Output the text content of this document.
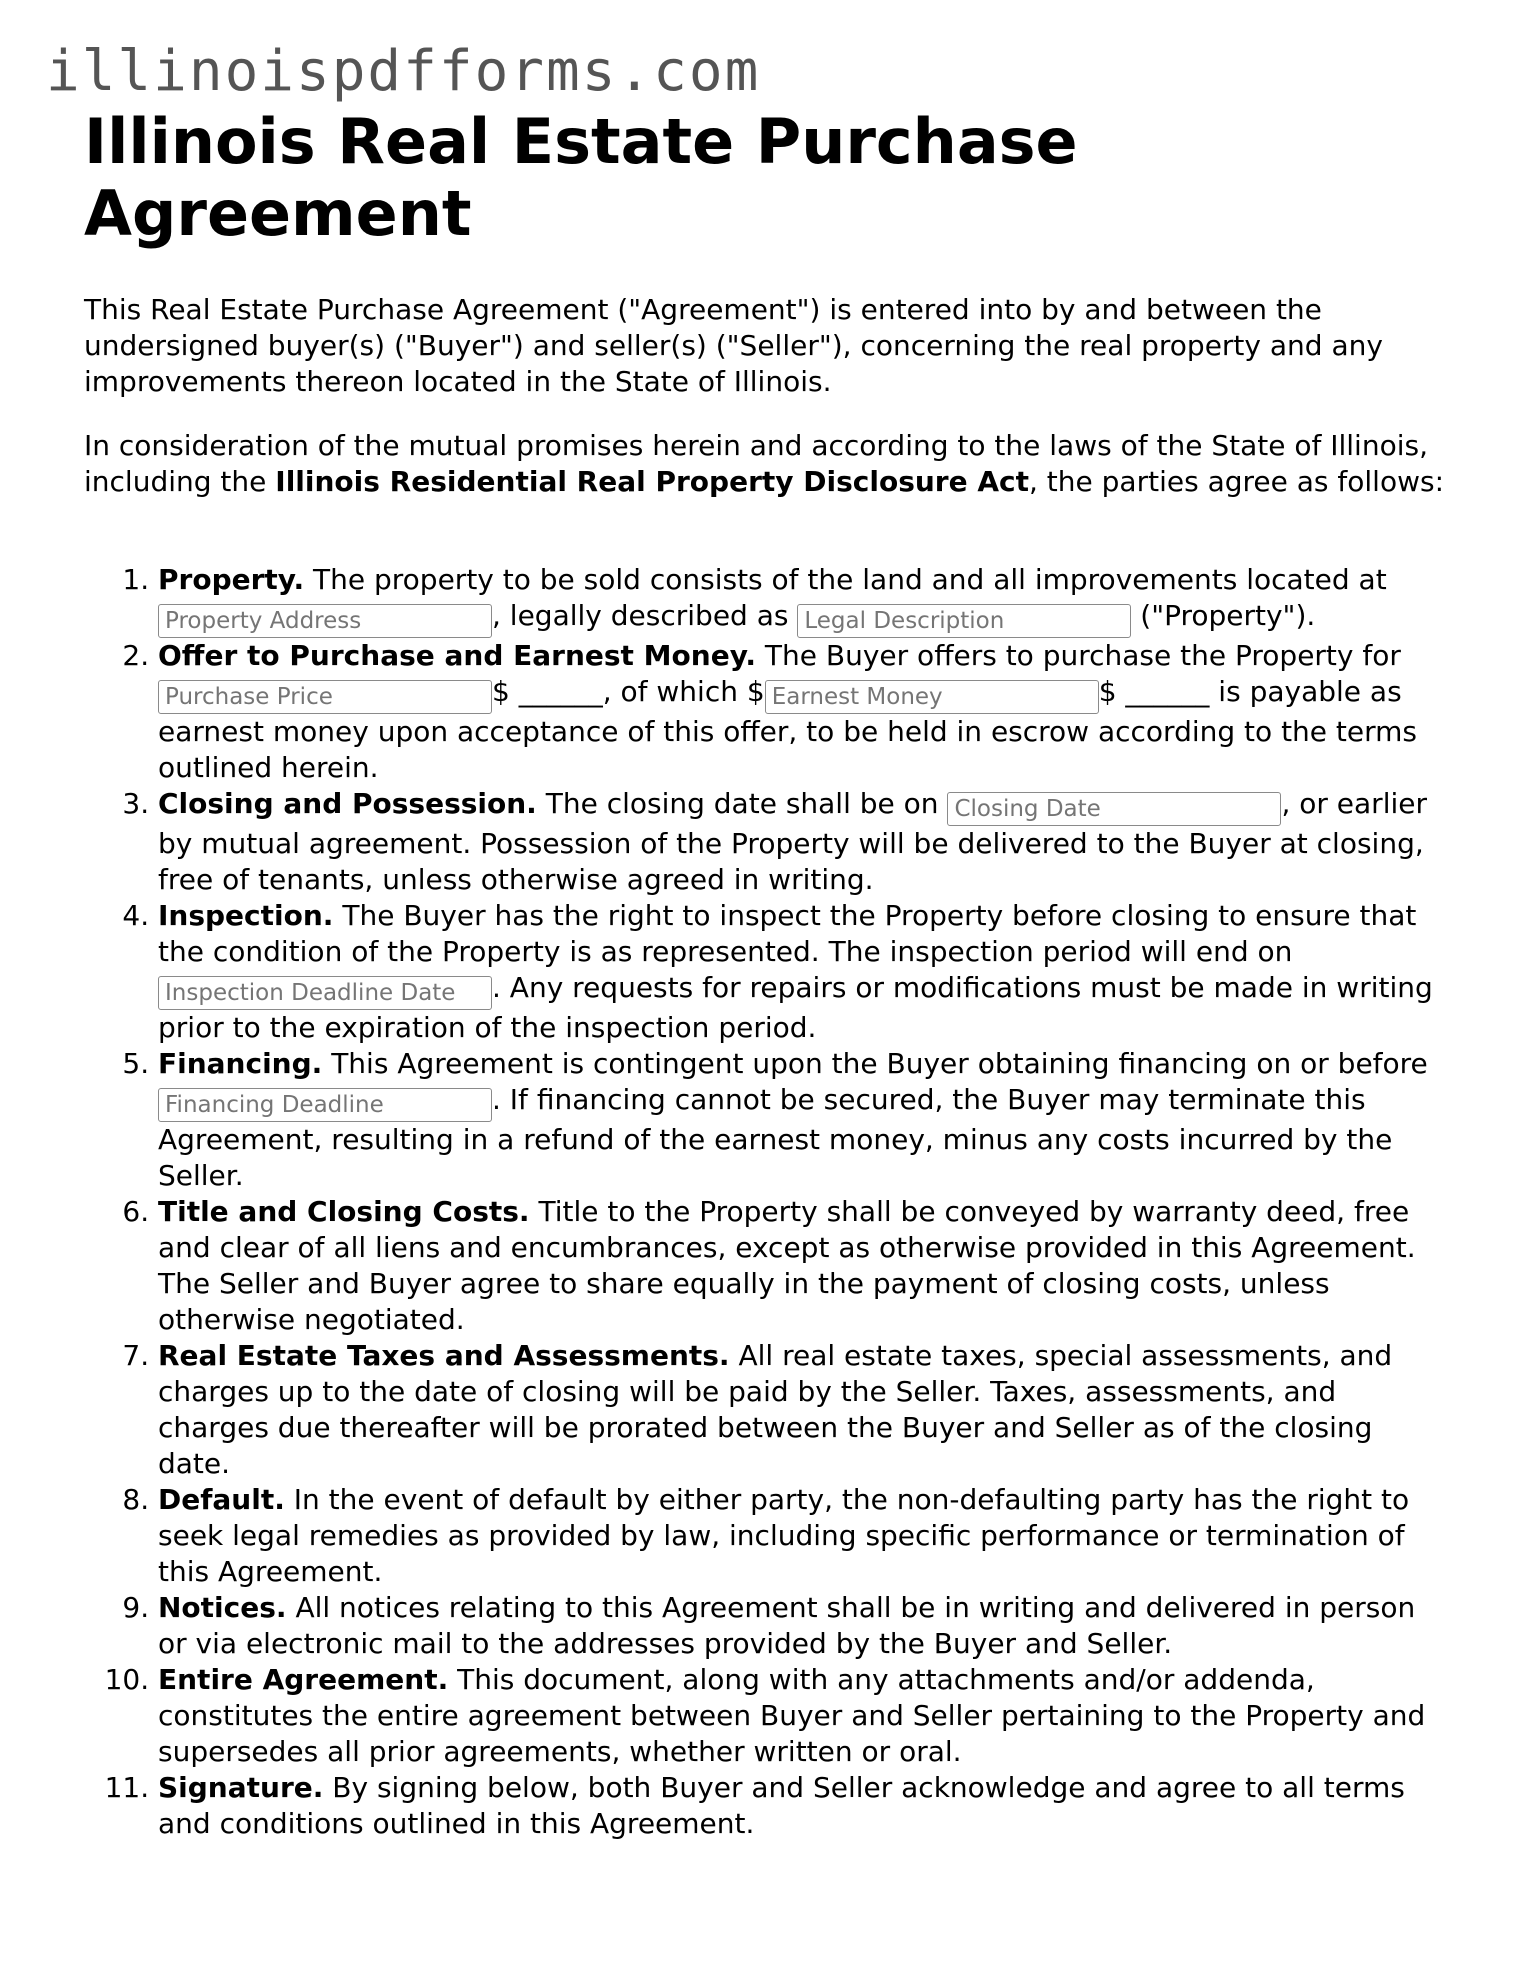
illinoispdfforms.com
Illinois Real Estate Purchase Agreement

This Real Estate Purchase Agreement ("Agreement") is entered into by and between the undersigned buyer(s) ("Buyer") and seller(s) ("Seller"), concerning the real property and any improvements thereon located in the State of Illinois.

In consideration of the mutual promises herein and according to the laws of the State of Illinois, including the Illinois Residential Real Property Disclosure Act, the parties agree as follows:

1. Property. The property to be sold consists of the land and all improvements located at Property Address, legally described as Legal Description	("Property").
2. Offer to Purchase and Earnest Money. The Buyer offers to purchase the Property for Purchase Price$ ______, of which $Earnest Money	$ ______ is payable as earnest money upon acceptance of this offer, to be held in escrow according to the terms outlined herein.
3. Closing and Possession. The closing date shall be on Closing Date	, or earlier by mutual agreement. Possession of the Property will be delivered to the Buyer at closing, free of tenants, unless otherwise agreed in writing.
4. Inspection. The Buyer has the right to inspect the Property before closing to ensure that the condition of the Property is as represented. The inspection period will end on Inspection Deadline Date. Any requests for repairs or modifications must be made in writing prior to the expiration of the inspection period.
5. Financing. This Agreement is contingent upon the Buyer obtaining financing on or before Financing Deadline. If financing cannot be secured, the Buyer may terminate this Agreement, resulting in a refund of the earnest money, minus any costs incurred by the Seller.
6. Title and Closing Costs. Title to the Property shall be conveyed by warranty deed, free and clear of all liens and encumbrances, except as otherwise provided in this Agreement. The Seller and Buyer agree to share equally in the payment of closing costs, unless otherwise negotiated.
7. Real Estate Taxes and Assessments. All real estate taxes, special assessments, and charges up to the date of closing will be paid by the Seller. Taxes, assessments, and charges due thereafter will be prorated between the Buyer and Seller as of the closing date.
8. Default. In the event of default by either party, the non-defaulting party has the right to seek legal remedies as provided by law, including specific performance or termination of this Agreement.
9. Notices. All notices relating to this Agreement shall be in writing and delivered in person or via electronic mail to the addresses provided by the Buyer and Seller.
10. Entire Agreement. This document, along with any attachments and/or addenda, constitutes the entire agreement between Buyer and Seller pertaining to the Property and supersedes all prior agreements, whether written or oral.
11. Signature. By signing below, both Buyer and Seller acknowledge and agree to all terms and conditions outlined in this Agreement.
